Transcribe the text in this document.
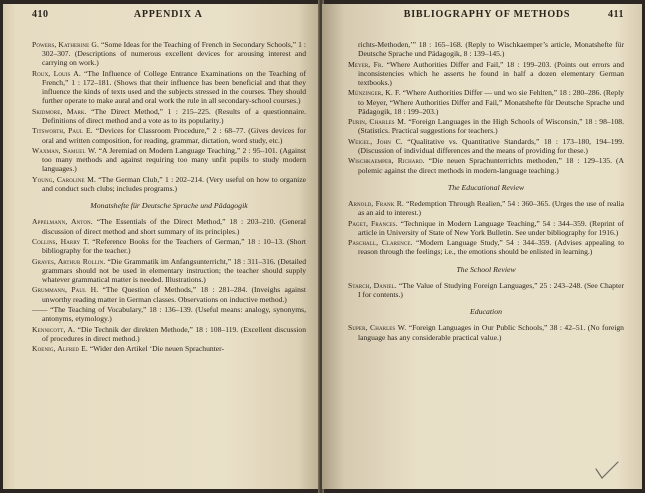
410	APPENDIX A
Powers, Katherine G. “Some Ideas for the Teaching of French in Secondary Schools,” 1 : 302–307. (Descriptions of numerous excellent devices for arousing interest and carrying on work.)
Roux, Louis A. “The Influence of College Entrance Examinations on the Teaching of French,” 1 : 172–181. (Shows that their influence has been beneficial and that they influence the kinds of texts used and the subjects stressed in the courses. They should further operate to make aural and oral work the rule in all secondary-school courses.)
Skidmore, Mark. “The Direct Method,” 1 : 215–225. (Results of a questionnaire. Definitions of direct method and a vote as to its popularity.)
Titsworth, Paul E. “Devices for Classroom Procedure,” 2 : 68–77. (Gives devices for oral and written composition, for reading, grammar, dictation, word study, etc.)
Waxman, Samuel W. “A Jeremiad on Modern Language Teaching,” 2 : 95–101. (Against too many methods and against requiring too many unfit pupils to study modern languages.)
Young, Caroline M. “The German Club,” 1 : 202–214. (Very useful on how to organize and conduct such clubs; includes programs.)
Monatshefte für Deutsche Sprache und Pädagogik
Appelmann, Anton. “The Essentials of the Direct Method,” 18 : 203–210. (General discussion of direct method and short summary of its principles.)
Collins, Harry T. “Reference Books for the Teachers of German,” 18 : 10–13. (Short bibliography for the teacher.)
Graves, Arthur Rollin. “Die Grammatik im Anfangsunterricht,” 18 : 311–316. (Detailed grammars should not be used in elementary instruction; the teacher should supply whatever grammatical matter is needed. Illustrations.)
Grummann, Paul H. “The Question of Methods,” 18 : 281–284. (Inveighs against unworthy reading matter in German classes. Observations on inductive method.)
—— “The Teaching of Vocabulary,” 18 : 136–139. (Useful means: analogy, synonyms, antonyms, etymology.)
Kennicott, A. “Die Technik der direkten Methode,” 18 : 108–119. (Excellent discussion of procedures in direct method.)
Koenig, Alfred E. “Wider den Artikel ‘Die neuen Sprachunter-
BIBLIOGRAPHY OF METHODS	411
richts-Methoden,’” 18 : 165–168. (Reply to Wischkaemper’s article, Monatshefte für Deutsche Sprache und Pädagogik, 8 : 139–145.)
Meyer, Fr. “Where Authorities Differ and Fail,” 18 : 199–203. (Points out errors and inconsistencies which he asserts he found in half a dozen elementary German textbooks.)
Münzinger, K. F. “Where Authorities Differ — und wo sie Fehlten,” 18 : 280–286. (Reply to Meyer, “Where Authorities Differ and Fail,” Monatshefte für Deutsche Sprache und Pädagogik, 18 : 199–203.)
Purin, Charles M. “Foreign Languages in the High Schools of Wisconsin,” 18 : 98–108. (Statistics. Practical suggestions for teachers.)
Weigel, John C. “Qualitative vs. Quantitative Standards,” 18 : 173–180, 194–199. (Discussion of individual differences and the means of providing for these.)
Wischkaemper, Richard. “Die neuen Sprachunterrichts methoden,” 18 : 129–135. (A polemic against the direct methods in modern-language teaching.)
The Educational Review
Arnold, Frank R. “Redemption Through Realien,” 54 : 360–365. (Urges the use of realia as an aid to interest.)
Paget, Frances. “Technique in Modern Language Teaching,” 54 : 344–359. (Reprint of article in University of State of New York Bulletin. See under bibliography for 1916.)
Paschall, Clarence. “Modern Language Study,” 54 : 344–359. (Advises appealing to reason through the feelings; i.e., the emotions should be enlisted in learning.)
The School Review
Starch, Daniel. “The Value of Studying Foreign Languages,” 25 : 243–248. (See Chapter I for contents.)
Education
Super, Charles W. “Foreign Languages in Our Public Schools,” 38 : 42–51. (No foreign language has any considerable practical value.)
